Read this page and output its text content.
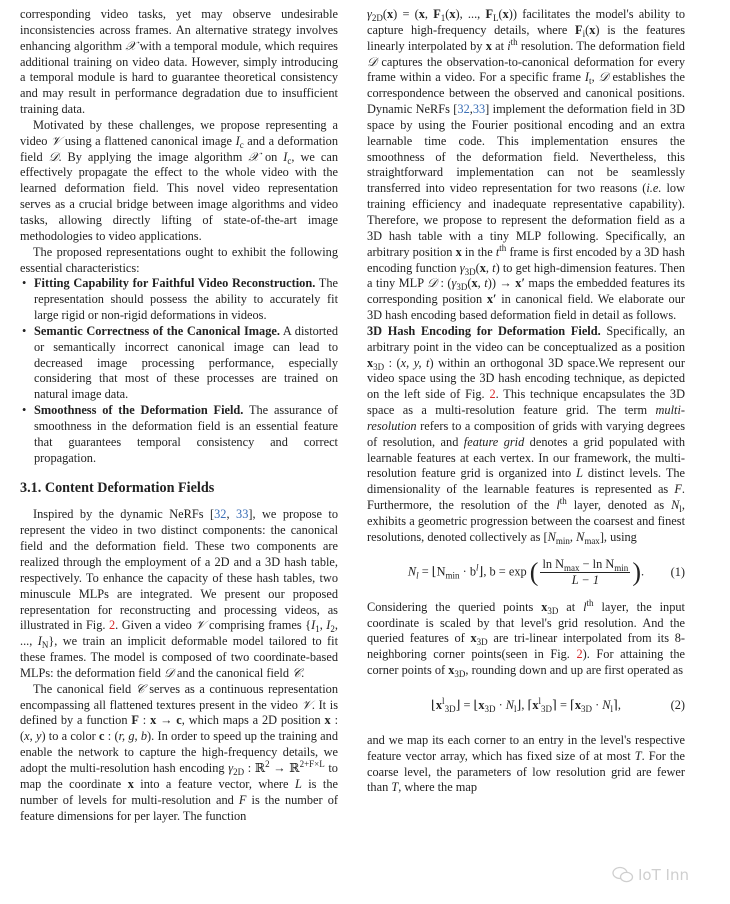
corresponding video tasks, yet may observe undesirable inconsistencies across frames. An alternative strategy involves enhancing algorithm 𝒳 with a temporal module, which requires additional training on video data. However, simply introducing a temporal module is hard to guarantee theoretical consistency and may result in performance degradation due to insufficient training data.

Motivated by these challenges, we propose representing a video 𝒱 using a flattened canonical image $I_c$ and a deformation field 𝒟. By applying the image algorithm 𝒳 on $I_c$, we can effectively propagate the effect to the whole video with the learned deformation field. This novel video representation serves as a crucial bridge between image algorithms and video tasks, allowing directly lifting of state-of-the-art image methodologies to video applications.

The proposed representations ought to exhibit the following essential characteristics:

• Fitting Capability for Faithful Video Reconstruction. The representation should possess the ability to accurately fit large rigid or non-rigid deformations in videos.
• Semantic Correctness of the Canonical Image. A distorted or semantically incorrect canonical image can lead to decreased image processing performance, especially considering that most of these processes are trained on natural image data.
• Smoothness of the Deformation Field. The assurance of smoothness in the deformation field is an essential feature that guarantees temporal consistency and correct propagation.
3.1. Content Deformation Fields

Inspired by the dynamic NeRFs [32, 33], we propose to represent the video in two distinct components: the canonical field and the deformation field. These two components are realized through the employment of a 2D and a 3D hash table, respectively. To enhance the capacity of these hash tables, two minuscule MLPs are integrated. We present our proposed representation for reconstructing and processing videos, as illustrated in Fig. 2. Given a video 𝒱 comprising frames {$I_1$, $I_2$, ..., $I_N$}, we train an implicit deformable model tailored to fit these frames. The model is composed of two coordinate-based MLPs: the deformation field 𝒟 and the canonical field 𝒞.

The canonical field 𝒞 serves as a continuous representation encompassing all flattened textures present in the video 𝒱. It is defined by a function F : x → c, which maps a 2D position x : (x, y) to a color c : (r, g, b). In order to speed up the training and enable the network to capture the high-frequency details, we adopt the multi-resolution hash encoding $\gamma_{2D}$ : ℝ$^2$ → ℝ$^{2+F\times L}$ to map the coordinate x into a feature vector, where L is the number of levels for multi-resolution and F is the number of feature dimensions for per layer. The function

$\gamma_{2D}(x) = (x$, $F_1(x)$, ..., $F_L(x)$) facilitates the model's ability to capture high-frequency details, where $F_i(x)$ is the features linearly interpolated by x at $i^{th}$ resolution. The deformation field 𝒟 captures the observation-to-canonical deformation for every frame within a video. For a specific frame $I_t$, 𝒟 establishes the correspondence between the observed and canonical positions. Dynamic NeRFs [32,33] implement the deformation field in 3D space by using the Fourier positional encoding and an extra learnable time code. This implementation ensures the smoothness of the deformation field. Nevertheless, this straightforward implementation can not be seamlessly transferred into video representation for two reasons (i.e. low training efficiency and inadequate representative capability). Therefore, we propose to represent the deformation field as a 3D hash table with a tiny MLP following. Specifically, an arbitrary position x in the $t^{th}$ frame is first encoded by a 3D hash encoding function $\gamma_{3D}(x$, t) to get high-dimension features. Then a tiny MLP 𝒟 : ($\gamma_{3D}(x$, t)) → x′ maps the embedded features its corresponding position x′ in canonical field. We elaborate our 3D hash encoding based deformation field in detail as follows.

3D Hash Encoding for Deformation Field. Specifically, an arbitrary point in the video can be conceptualized as a position $x_{3D}$ : (x, y, t) within an orthogonal 3D space.We represent our video space using the 3D hash encoding technique, as depicted on the left side of Fig. 2. This technique encapsulates the 3D space as a multi-resolution feature grid. The term multi-resolution refers to a composition of grids with varying degrees of resolution, and feature grid denotes a grid populated with learnable features at each vertex. In our framework, the multi-resolution feature grid is organized into L distinct levels. The dimensionality of the learnable features is represented as F. Furthermore, the resolution of the $l^{th}$ layer, denoted as $N_l$, exhibits a geometric progression between the coarsest and finest resolutions, denoted collectively as [$N_{min}$, $N_{max}$], using

$N_l$ = $⌊N_{min}$ · $b^l⌋$, b = exp ( $\frac{\ln N_{max} - \ln N_{min}}{L - 1}$ ). (1)

Considering the queried points $x_{3D}$ at $l^{th}$ layer, the input coordinate is scaled by that level's grid resolution. And the queried features of $x_{3D}$ are tri-linear interpolated from its 8-neighboring corner points(seen in Fig. 2). For attaining the corner points of $x_{3D}$, rounding down and up are first operated as

$⌊x^l_{3D}⌋$ = $⌊x_{3D}$ · $N_l⌋$, $⌈x^l_{3D}⌉$ = $⌈x_{3D}$ · $N_l⌉$,	(2)

and we map its each corner to an entry in the level's respective feature vector array, which has fixed size of at most T. For the coarse level, the parameters of low resolution grid are fewer than T, where the map

IoT Inn
